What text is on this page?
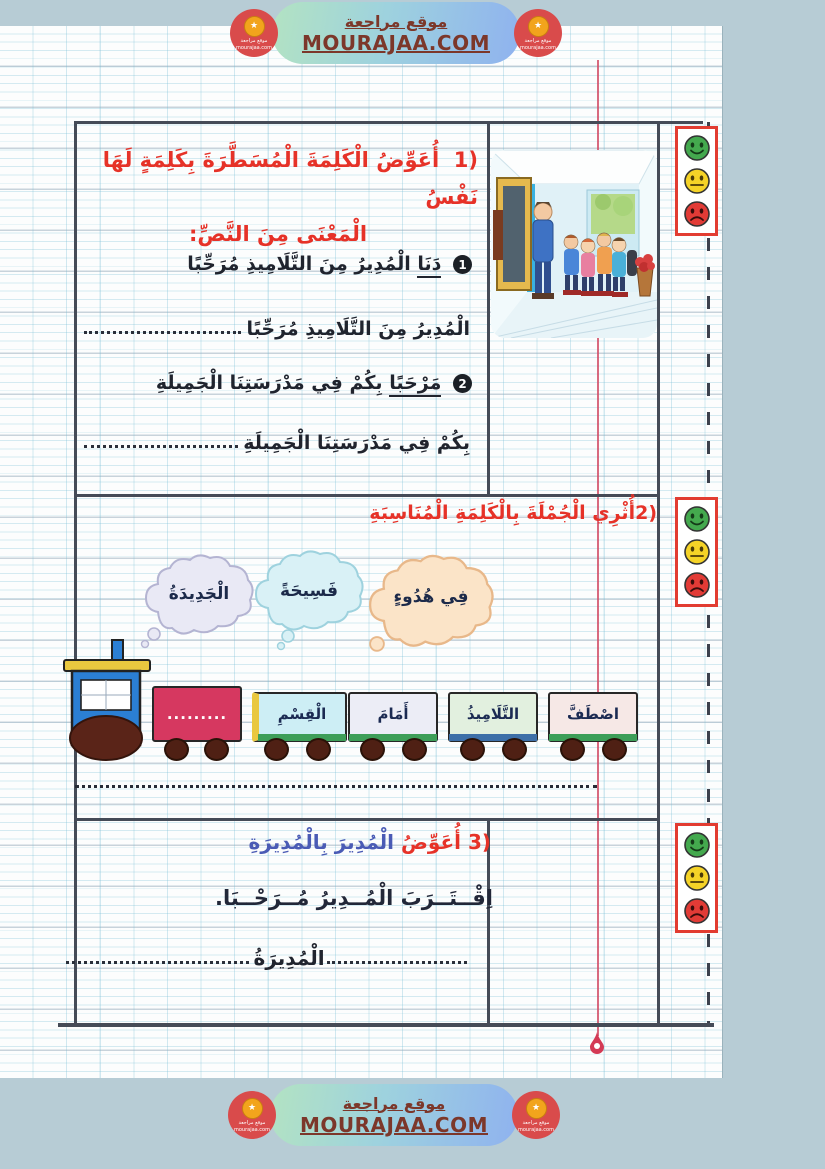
1)  أُعَوِّضُ الْكَلِمَةَ الْمُسَطَّرَةَ بِكَلِمَةٍ لَهَا نَفْسُ
الْمَعْنَى مِنَ النَّصِّ:
1 دَنَا الْمُدِيرُ مِنَ التَّلَامِيذِ مُرَحِّبًا
الْمُدِيرُ مِنَ التَّلَامِيذِ مُرَحِّبًا
2 مَرْحَبًا بِكُمْ فِي مَدْرَسَتِنَا الْجَمِيلَةِ
بِكُمْ فِي مَدْرَسَتِنَا الْجَمِيلَةِ
2)أُثْرِي الْجُمْلَةَ بِالْكَلِمَةِ الْمُنَاسِبَةِ
الْجَدِيدَةُ	فَسِيحَةً	فِي هُدُوءٍ
.........	الْقِسْمِ	أَمَامَ	التَّلَامِيذُ	اصْطَفَّ
3) أُعَوِّضُ الْمُدِيرَ بِالْمُدِيرَةِ
اِقْــتَــرَبَ الْمُــدِيرُ مُــرَحْــبَا.
الْمُدِيرَةُ
★
موقع مراجعة
mourajaa.com
موقع مراجعة
MOURAJAA.COM
★
موقع مراجعة
mourajaa.com
★
موقع مراجعة
mourajaa.com
موقع مراجعة
MOURAJAA.COM
★
موقع مراجعة
mourajaa.com
